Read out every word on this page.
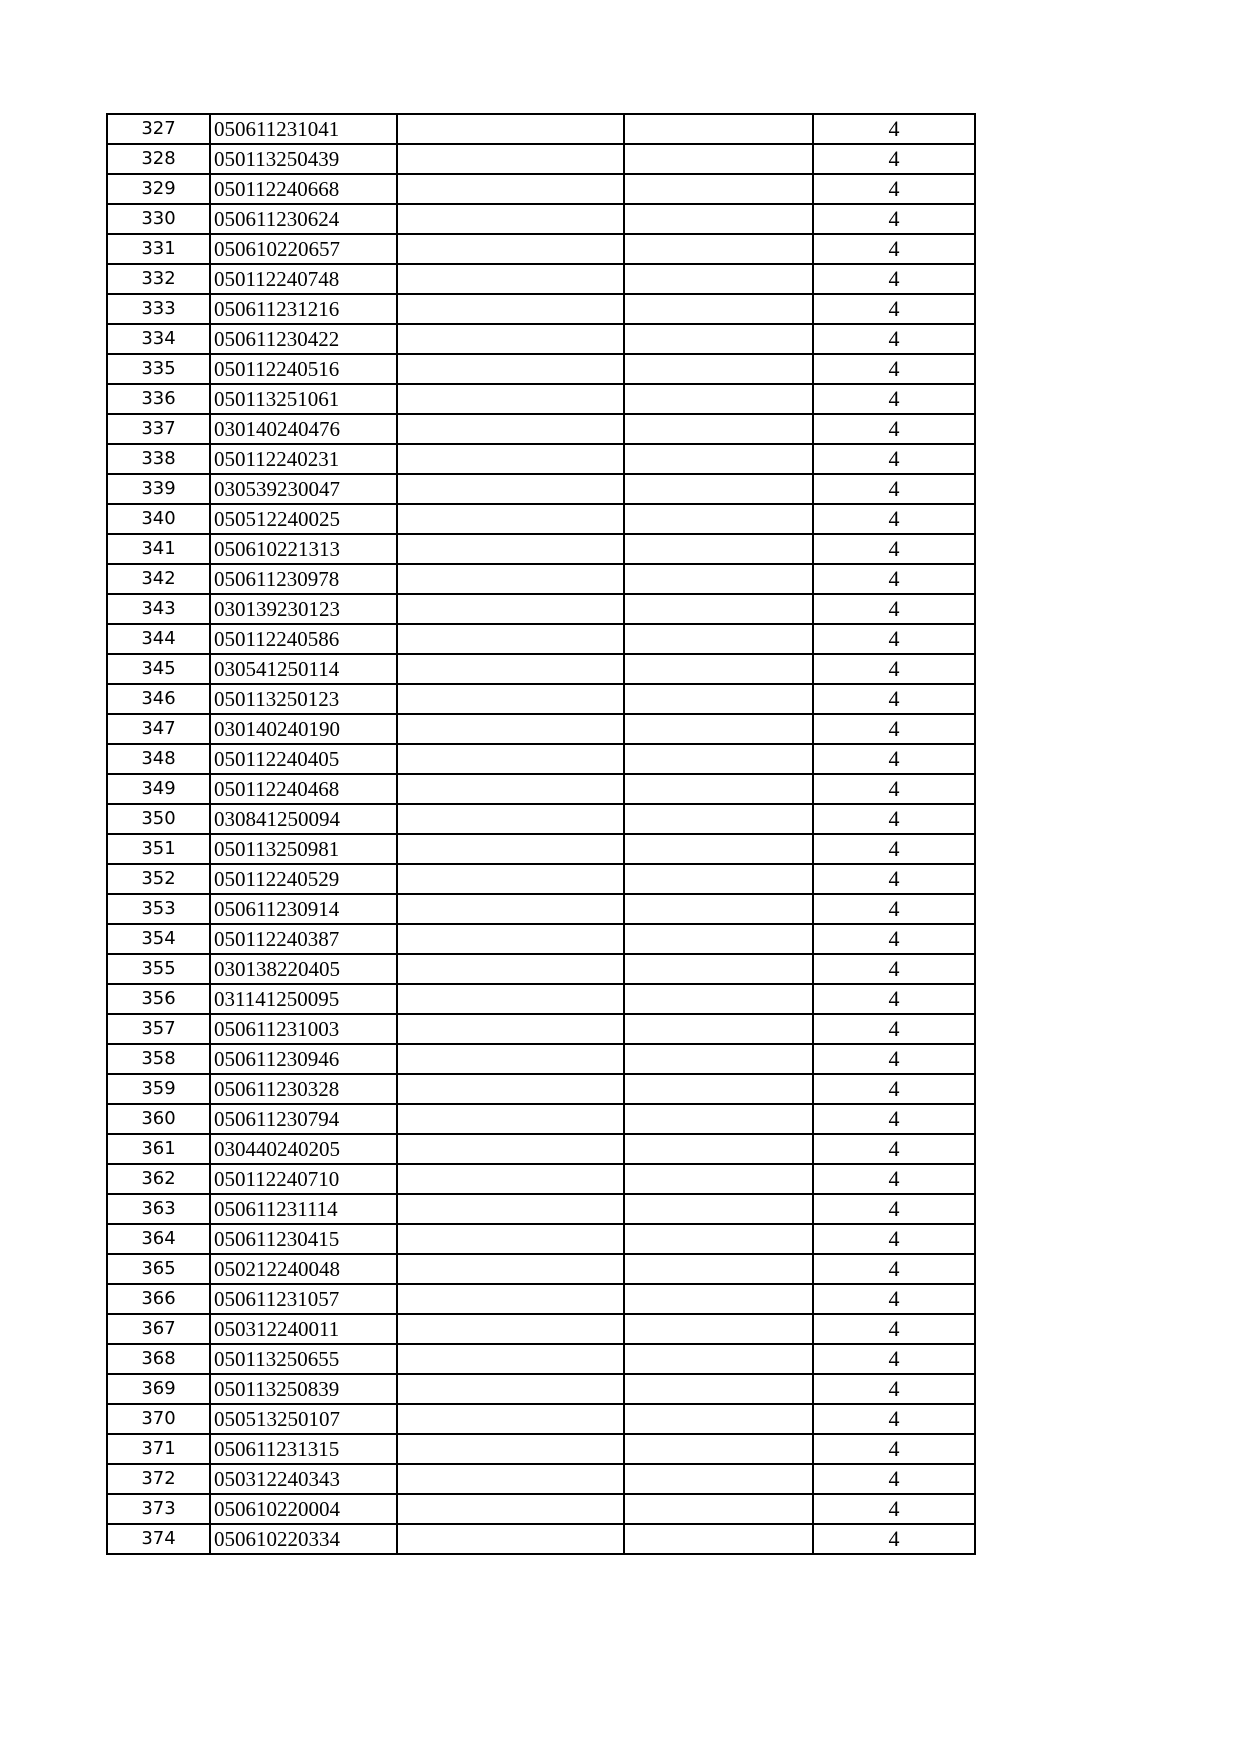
327	050611231041			4
328	050113250439			4
329	050112240668			4
330	050611230624			4
331	050610220657			4
332	050112240748			4
333	050611231216			4
334	050611230422			4
335	050112240516			4
336	050113251061			4
337	030140240476			4
338	050112240231			4
339	030539230047			4
340	050512240025			4
341	050610221313			4
342	050611230978			4
343	030139230123			4
344	050112240586			4
345	030541250114			4
346	050113250123			4
347	030140240190			4
348	050112240405			4
349	050112240468			4
350	030841250094			4
351	050113250981			4
352	050112240529			4
353	050611230914			4
354	050112240387			4
355	030138220405			4
356	031141250095			4
357	050611231003			4
358	050611230946			4
359	050611230328			4
360	050611230794			4
361	030440240205			4
362	050112240710			4
363	050611231114			4
364	050611230415			4
365	050212240048			4
366	050611231057			4
367	050312240011			4
368	050113250655			4
369	050113250839			4
370	050513250107			4
371	050611231315			4
372	050312240343			4
373	050610220004			4
374	050610220334			4
